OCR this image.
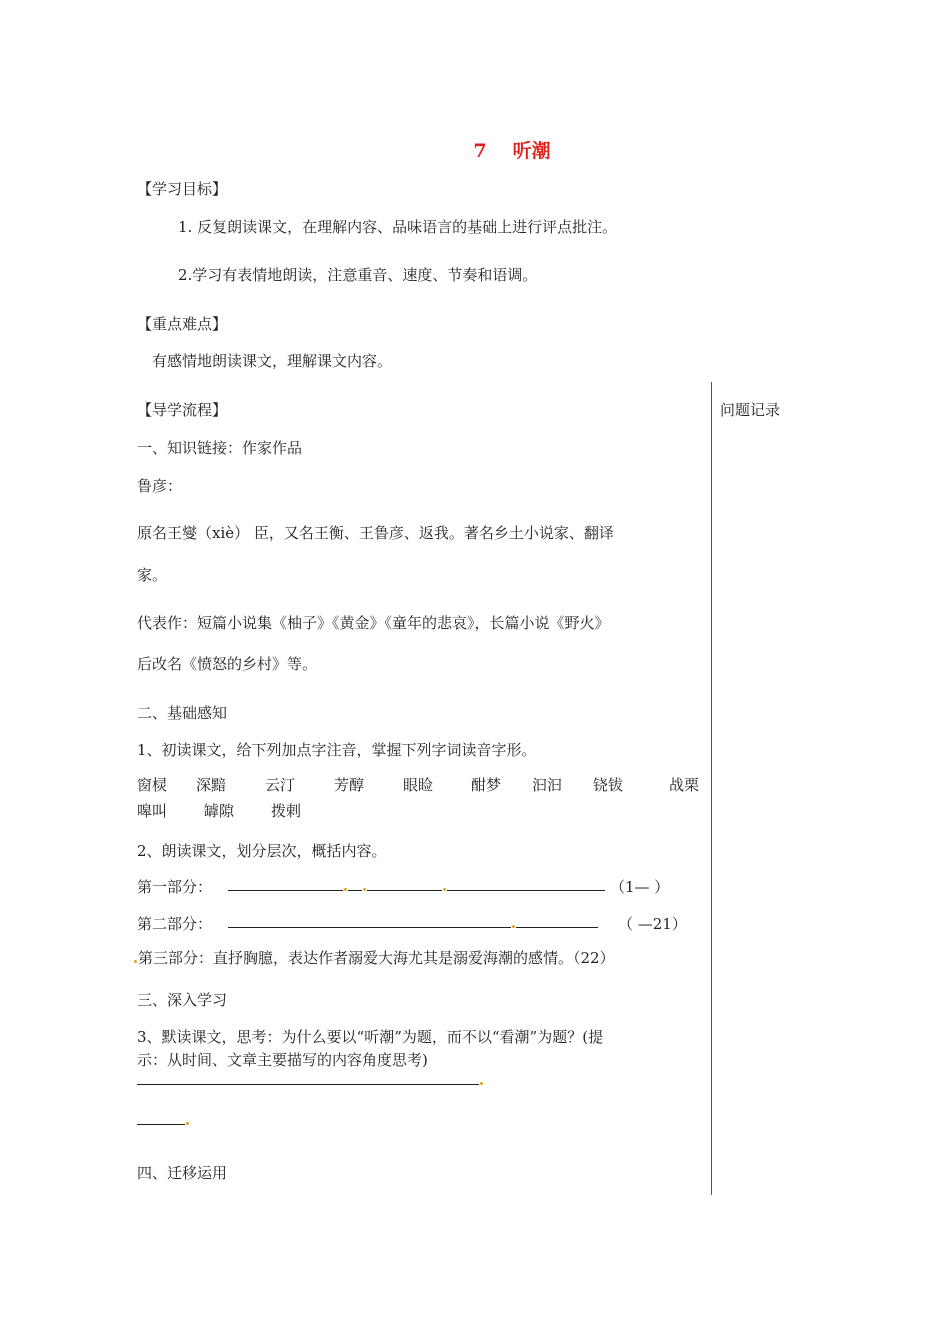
7 听潮
【学习目标】
1. 反复朗读课文，在理解内容、品味语言的基础上进行评点批注。
2.学习有表情地朗读，注意重音、速度、节奏和语调。
【重点难点】
有感情地朗读课文，理解课文内容。
问题记录
【导学流程】
一、知识链接：作家作品
鲁彦：
原名王燮（xiè） 臣，又名王衡、王鲁彦、返我。著名乡土小说家、翻译
家。
代表作：短篇小说集《柚子》《黄金》《童年的悲哀》，长篇小说《野火》
后改名《愤怒的乡村》等。
二、基础感知
1、初读课文，给下列加点字注音，掌握下列字词读音字形。
窗棂 深黯	云汀	芳醇	眼睑	酣梦 汩汩 铙钹	战栗
嗥叫 罅隙 拨剌
2、朗读课文，划分层次，概括内容。
第一部分：	（1— ）
第二部分：	（ —21）
第三部分：直抒胸臆，表达作者溺爱大海尤其是溺爱海潮的感情。（22）
三、深入学习
3、默读课文，思考：为什么要以“听潮”为题，而不以“看潮”为题？(提
示：从时间、文章主要描写的内容角度思考)
四、迁移运用
